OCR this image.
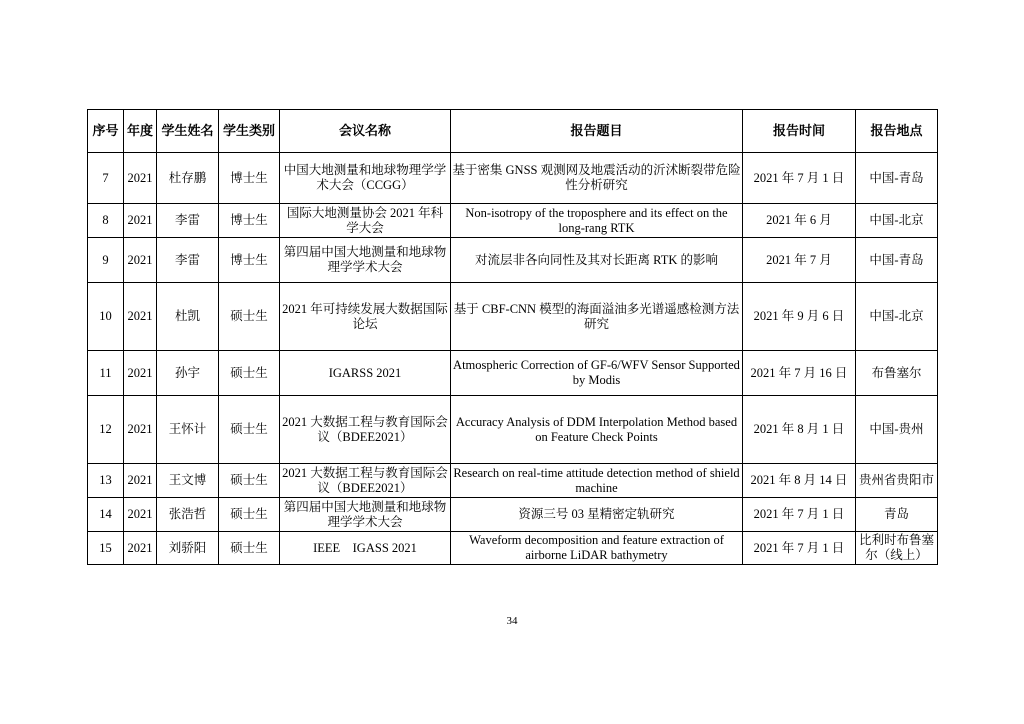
序号	年度	学生姓名	学生类别	会议名称	报告题目	报告时间	报告地点
7	2021	杜存鹏	博士生	中国大地测量和地球物理学学术大会（CCGG）	基于密集 GNSS 观测网及地震活动的沂沭断裂带危险性分析研究	2021 年 7 月 1 日	中国-青岛
8	2021	李雷	博士生	国际大地测量协会 2021 年科学大会	Non-isotropy of the troposphere and its effect on the long-rang RTK	2021 年 6 月	中国-北京
9	2021	李雷	博士生	第四届中国大地测量和地球物理学学术大会	对流层非各向同性及其对长距离 RTK 的影响	2021 年 7 月	中国-青岛
10	2021	杜凯	硕士生	2021 年可持续发展大数据国际论坛	基于 CBF-CNN 模型的海面溢油多光谱遥感检测方法研究	2021 年 9 月 6 日	中国-北京
11	2021	孙宇	硕士生	IGARSS 2021	Atmospheric Correction of GF-6/WFV Sensor Supported by Modis	2021 年 7 月 16 日	布鲁塞尔
12	2021	王怀计	硕士生	2021 大数据工程与教育国际会议（BDEE2021）	Accuracy Analysis of DDM Interpolation Method based on Feature Check Points	2021 年 8 月 1 日	中国-贵州
13	2021	王文博	硕士生	2021 大数据工程与教育国际会议（BDEE2021）	Research on real-time attitude detection method of shield machine	2021 年 8 月 14 日	贵州省贵阳市
14	2021	张浩哲	硕士生	第四届中国大地测量和地球物理学学术大会	资源三号 03 星精密定轨研究	2021 年 7 月 1 日	青岛
15	2021	刘骄阳	硕士生	IEEE　IGASS 2021	Waveform decomposition and feature extraction of airborne LiDAR bathymetry	2021 年 7 月 1 日	比利时布鲁塞尔（线上）
34
